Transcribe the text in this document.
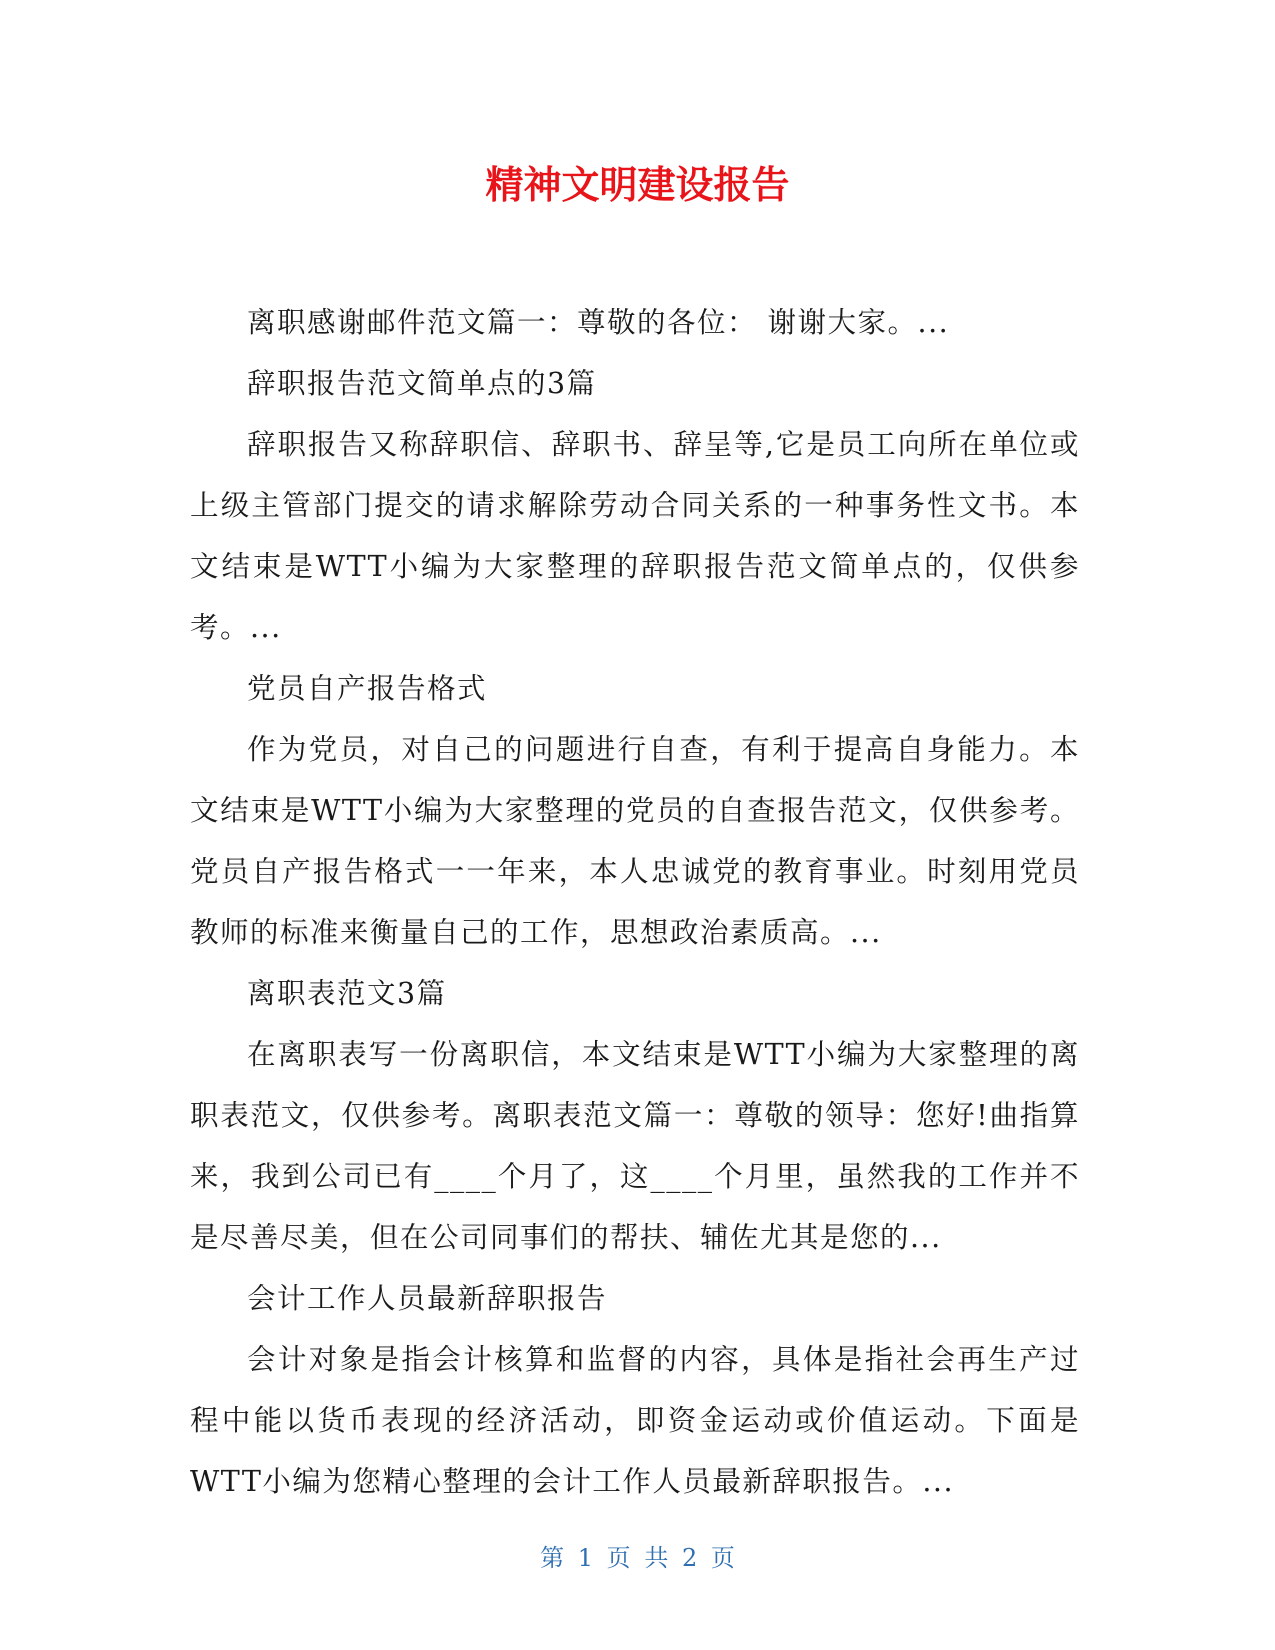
精神文明建设报告

离职感谢邮件范文篇一：尊敬的各位： 谢谢大家。...

辞职报告范文简单点的3篇

辞职报告又称辞职信、辞职书、辞呈等,它是员工向所在单位或上级主管部门提交的请求解除劳动合同关系的一种事务性文书。本文结束是WTT小编为大家整理的辞职报告范文简单点的，仅供参考。...

党员自产报告格式

作为党员，对自己的问题进行自查，有利于提高自身能力。本文结束是WTT小编为大家整理的党员的自查报告范文，仅供参考。党员自产报告格式一一年来，本人忠诚党的教育事业。时刻用党员教师的标准来衡量自己的工作，思想政治素质高。...

离职表范文3篇

在离职表写一份离职信，本文结束是WTT小编为大家整理的离职表范文，仅供参考。离职表范文篇一：尊敬的领导：您好!曲指算来，我到公司已有____个月了，这____个月里，虽然我的工作并不是尽善尽美，但在公司同事们的帮扶、辅佐尤其是您的...

会计工作人员最新辞职报告

会计对象是指会计核算和监督的内容，具体是指社会再生产过程中能以货币表现的经济活动，即资金运动或价值运动。下面是WTT小编为您精心整理的会计工作人员最新辞职报告。...

第 1 页 共 2 页
